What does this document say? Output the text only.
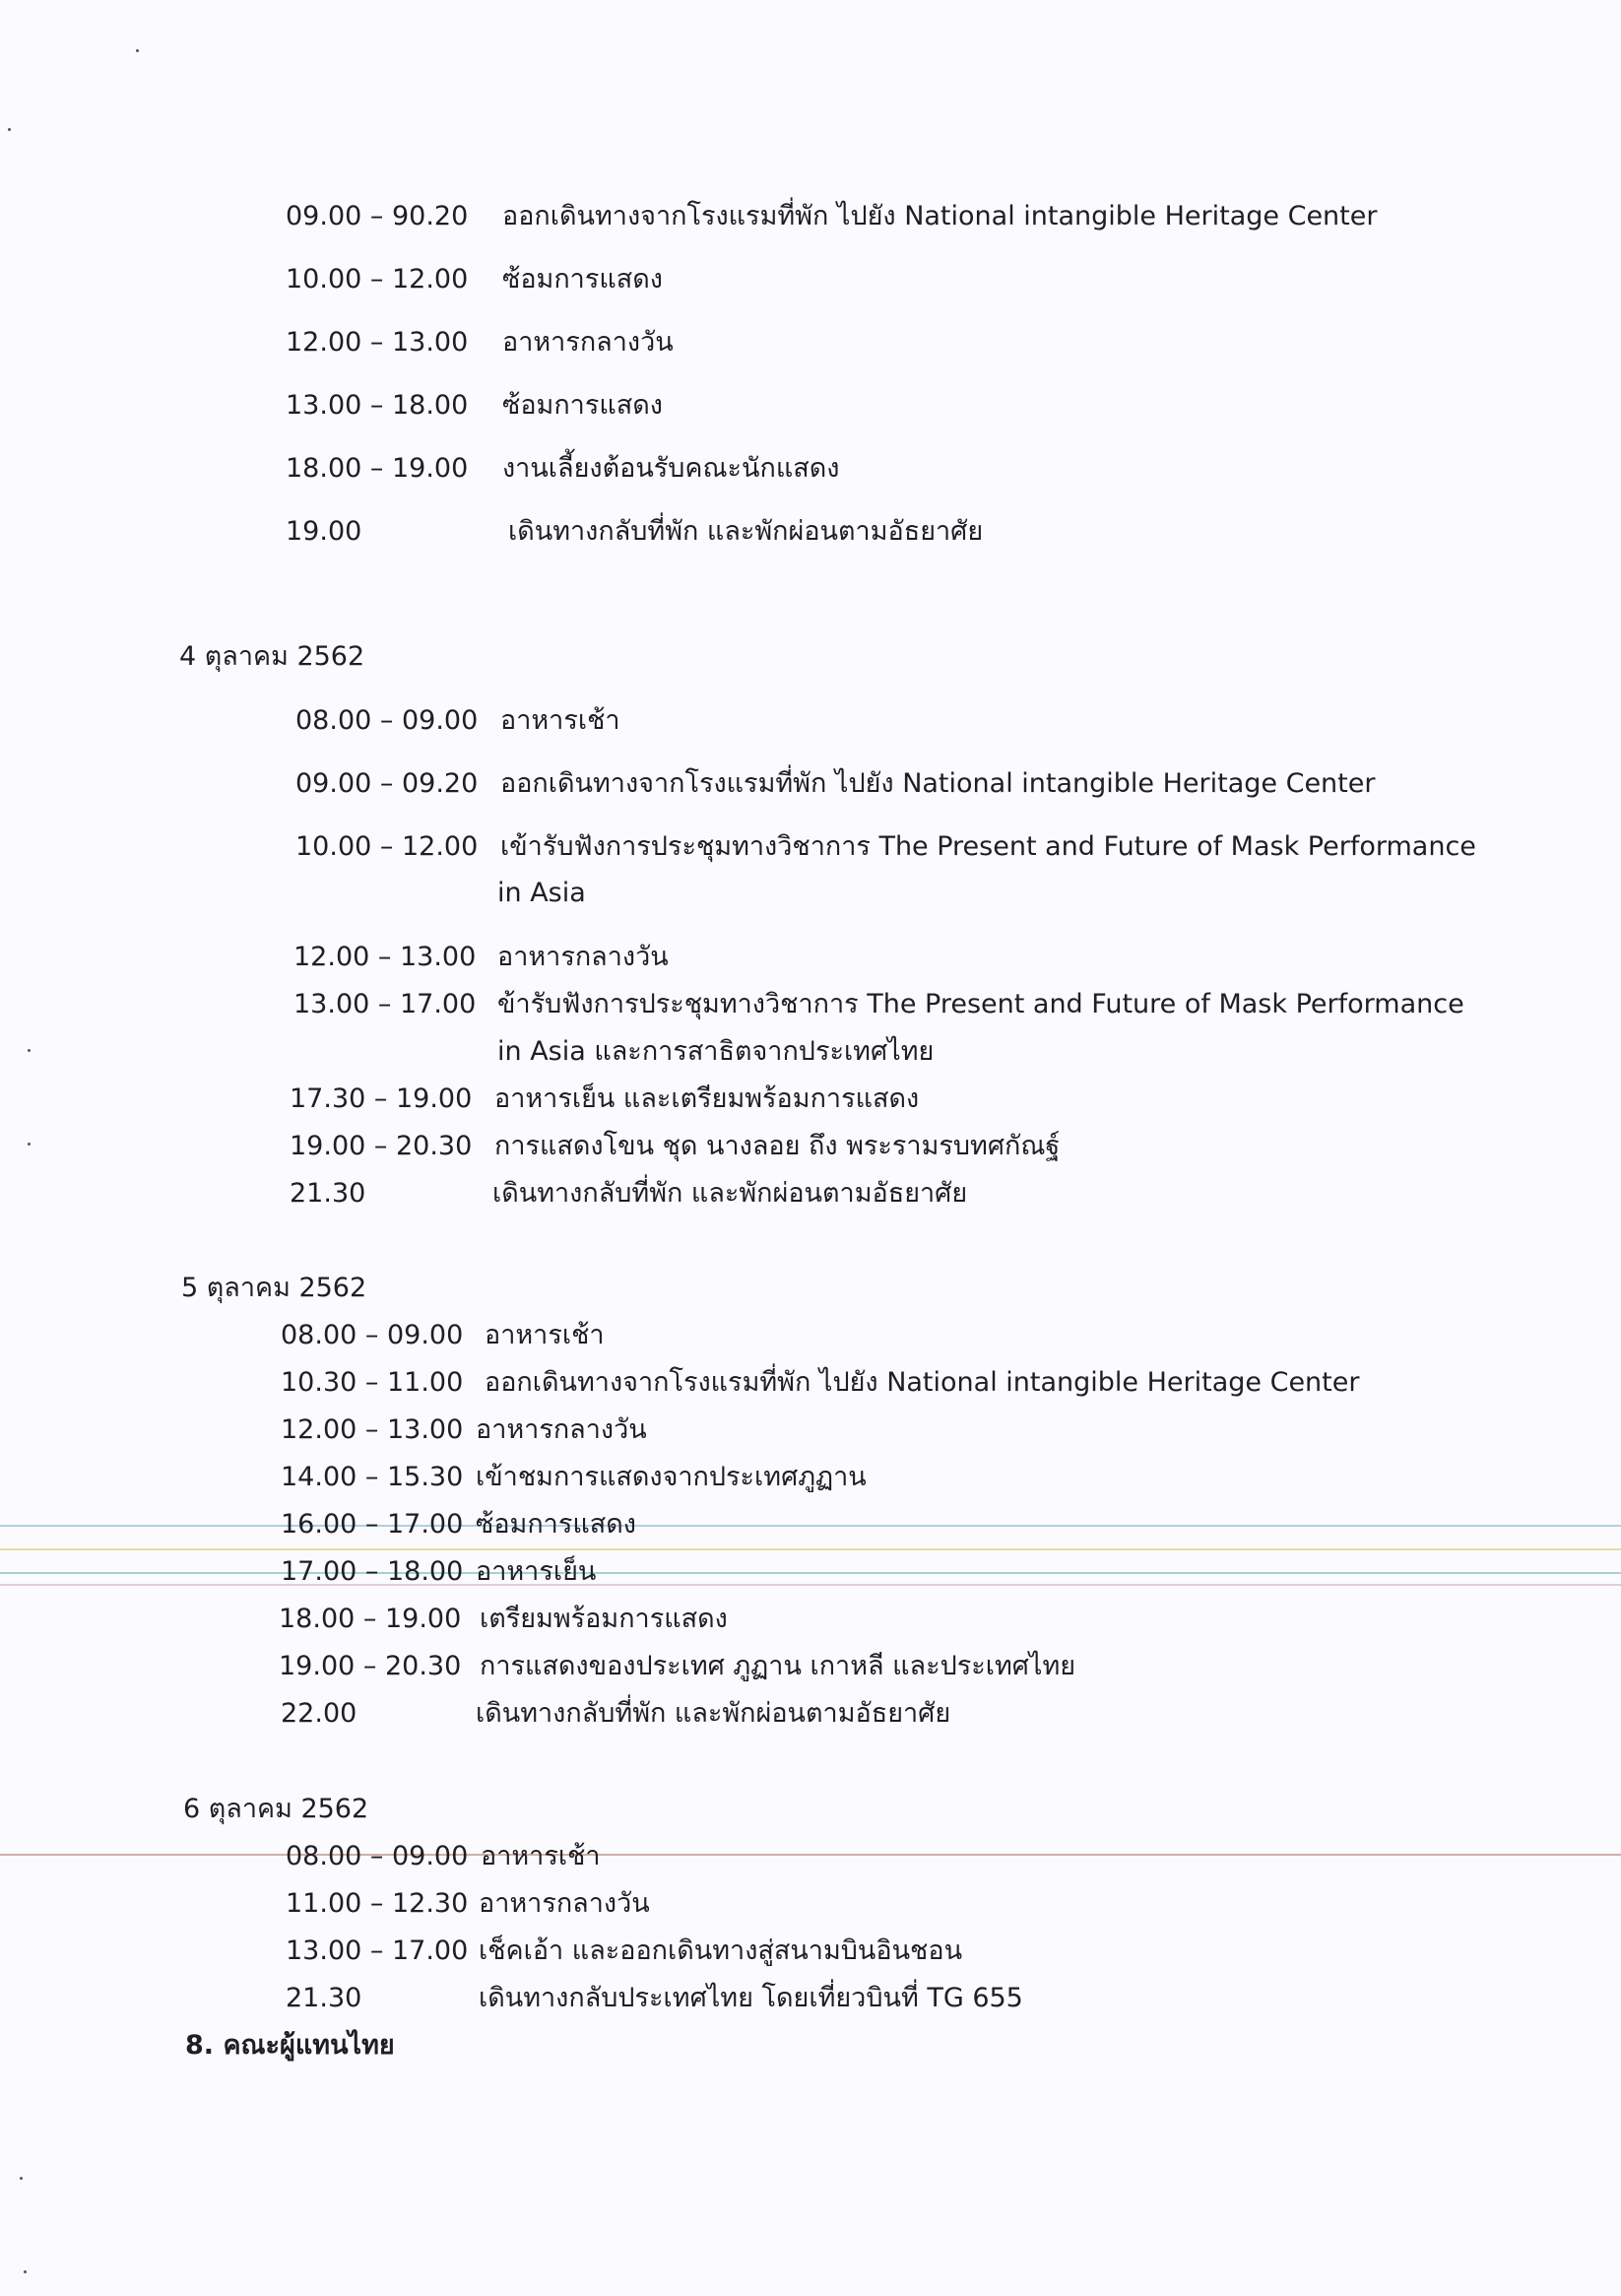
09.00 – 90.20 ออกเดินทางจากโรงแรมที่พัก ไปยัง National intangible Heritage Center
10.00 – 12.00 ซ้อมการแสดง
12.00 – 13.00 อาหารกลางวัน
13.00 – 18.00 ซ้อมการแสดง
18.00 – 19.00 งานเลี้ยงต้อนรับคณะนักแสดง
19.00	เดินทางกลับที่พัก และพักผ่อนตามอัธยาศัย
4 ตุลาคม 2562
08.00 – 09.00 อาหารเช้า
09.00 – 09.20 ออกเดินทางจากโรงแรมที่พัก ไปยัง National intangible Heritage Center
10.00 – 12.00 เข้ารับฟังการประชุมทางวิชาการ The Present and Future of Mask Performance
in Asia
12.00 – 13.00 อาหารกลางวัน
13.00 – 17.00 ข้ารับฟังการประชุมทางวิชาการ The Present and Future of Mask Performance
in Asia และการสาธิตจากประเทศไทย
17.30 – 19.00 อาหารเย็น และเตรียมพร้อมการแสดง
19.00 – 20.30 การแสดงโขน ชุด นางลอย ถึง พระรามรบทศกัณฐ์
21.30	เดินทางกลับที่พัก และพักผ่อนตามอัธยาศัย
5 ตุลาคม 2562
08.00 – 09.00 อาหารเช้า
10.30 – 11.00 ออกเดินทางจากโรงแรมที่พัก ไปยัง National intangible Heritage Center
12.00 – 13.00 อาหารกลางวัน
14.00 – 15.30 เข้าชมการแสดงจากประเทศภูฏาน
16.00 – 17.00 ซ้อมการแสดง
17.00 – 18.00 อาหารเย็น
18.00 – 19.00 เตรียมพร้อมการแสดง
19.00 – 20.30 การแสดงของประเทศ ภูฏาน เกาหลี และประเทศไทย
22.00	เดินทางกลับที่พัก และพักผ่อนตามอัธยาศัย
6 ตุลาคม 2562
08.00 – 09.00 อาหารเช้า
11.00 – 12.30 อาหารกลางวัน
13.00 – 17.00 เช็คเอ้า และออกเดินทางสู่สนามบินอินชอน
21.30	เดินทางกลับประเทศไทย โดยเที่ยวบินที่ TG 655
8. คณะผู้แทนไทย
